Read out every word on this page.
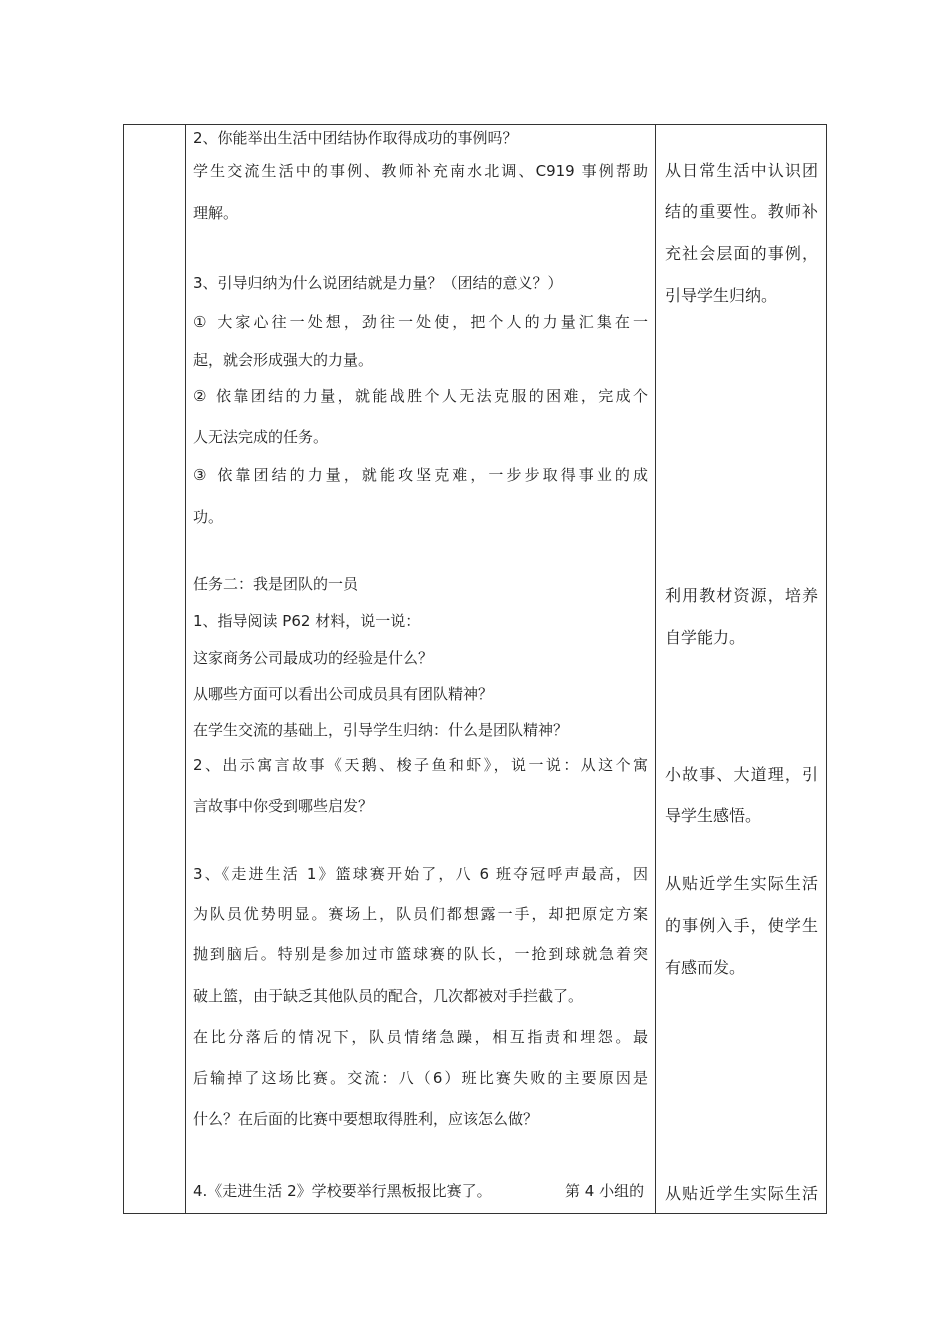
2、你能举出生活中团结协作取得成功的事例吗？
学生交流生活中的事例、教师补充南水北调、C919 事例帮助
理解。
3、引导归纳为什么说团结就是力量？（团结的意义？）
① 大家心往一处想，劲往一处使，把个人的力量汇集在一
起，就会形成强大的力量。
② 依靠团结的力量，就能战胜个人无法克服的困难，完成个
人无法完成的任务。
③ 依靠团结的力量，就能攻坚克难，一步步取得事业的成
功。
任务二：我是团队的一员
1、指导阅读 P62 材料，说一说：
这家商务公司最成功的经验是什么？
从哪些方面可以看出公司成员具有团队精神？
在学生交流的基础上，引导学生归纳：什么是团队精神？
2、出示寓言故事《天鹅、梭子鱼和虾》，说一说：从这个寓
言故事中你受到哪些启发？
3、《走进生活 1》篮球赛开始了，八 6 班夺冠呼声最高，因
为队员优势明显。赛场上，队员们都想露一手，却把原定方案
抛到脑后。特别是参加过市篮球赛的队长，一抢到球就急着突
破上篮，由于缺乏其他队员的配合，几次都被对手拦截了。
在比分落后的情况下，队员情绪急躁，相互指责和埋怨。最
后输掉了这场比赛。交流：八（6）班比赛失败的主要原因是
什么？在后面的比赛中要想取得胜利，应该怎么做？
4.《走进生活 2》学校要举行黑板报比赛了。	第 4 小组的
从日常生活中认识团
结的重要性。教师补
充社会层面的事例，
引导学生归纳。
利用教材资源，培养
自学能力。
小故事、大道理，引
导学生感悟。
从贴近学生实际生活
的事例入手，使学生
有感而发。
从贴近学生实际生活
